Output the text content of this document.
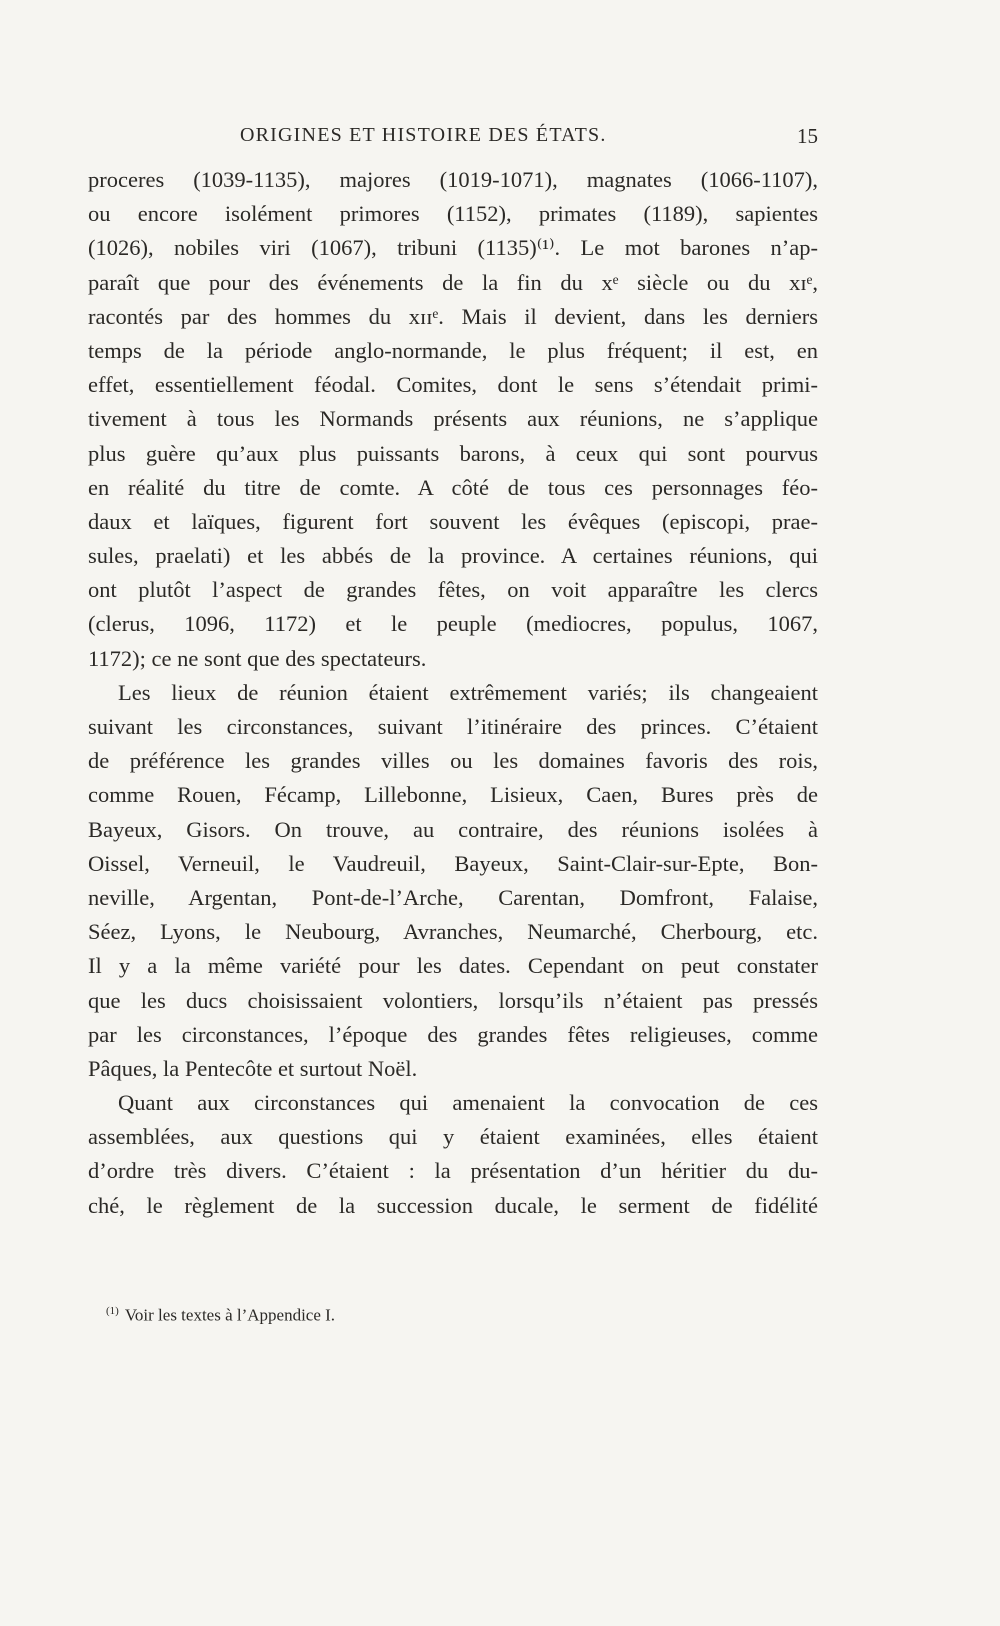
ORIGINES ET HISTOIRE DES ÉTATS.	15
proceres (1039-1135), majores (1019-1071), magnates (1066-1107),
ou encore isolément primores (1152), primates (1189), sapientes
(1026), nobiles viri (1067), tribuni (1135)⁽¹⁾. Le mot barones n’ap-
paraît que pour des événements de la fin du xᵉ siècle ou du xɪᵉ,
racontés par des hommes du xɪɪᵉ. Mais il devient, dans les derniers
temps de la période anglo-normande, le plus fréquent; il est, en
effet, essentiellement féodal. Comites, dont le sens s’étendait primi-
tivement à tous les Normands présents aux réunions, ne s’applique
plus guère qu’aux plus puissants barons, à ceux qui sont pourvus
en réalité du titre de comte. A côté de tous ces personnages féo-
daux et laïques, figurent fort souvent les évêques (episcopi, prae-
sules, praelati) et les abbés de la province. A certaines réunions, qui
ont plutôt l’aspect de grandes fêtes, on voit apparaître les clercs
(clerus, 1096, 1172) et le peuple (mediocres, populus, 1067,
1172); ce ne sont que des spectateurs.
Les lieux de réunion étaient extrêmement variés; ils changeaient
suivant les circonstances, suivant l’itinéraire des princes. C’étaient
de préférence les grandes villes ou les domaines favoris des rois,
comme Rouen, Fécamp, Lillebonne, Lisieux, Caen, Bures près de
Bayeux, Gisors. On trouve, au contraire, des réunions isolées à
Oissel, Verneuil, le Vaudreuil, Bayeux, Saint-Clair-sur-Epte, Bon-
neville, Argentan, Pont-de-l’Arche, Carentan, Domfront, Falaise,
Séez, Lyons, le Neubourg, Avranches, Neumarché, Cherbourg, etc.
Il y a la même variété pour les dates. Cependant on peut constater
que les ducs choisissaient volontiers, lorsqu’ils n’étaient pas pressés
par les circonstances, l’époque des grandes fêtes religieuses, comme
Pâques, la Pentecôte et surtout Noël.
Quant aux circonstances qui amenaient la convocation de ces
assemblées, aux questions qui y étaient examinées, elles étaient
d’ordre très divers. C’étaient : la présentation d’un héritier du du-
ché, le règlement de la succession ducale, le serment de fidélité
$^{(1)}$ Voir les textes à l’Appendice I.
